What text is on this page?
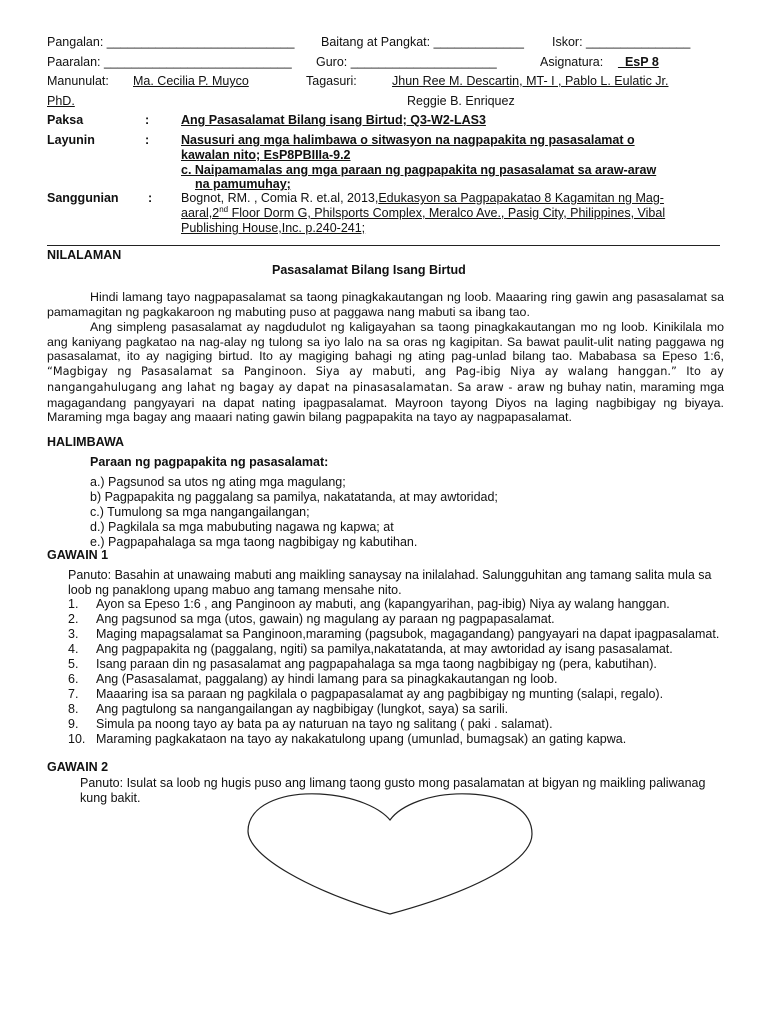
Pangalan: ___________________________ Baitang at Pangkat: _____________ Iskor: _______________
Paaralan: ___________________________ Guro: _____________________	Asignatura: _EsP 8
Manunulat: Ma. Cecilia P. Muyco	Tagasuri:	Jhun Ree M. Descartin, MT- I , Pablo L. Eulatic Jr.
PhD.	Reggie B. Enriquez
Paksa	:	Ang Pasasalamat Bilang isang Birtud; Q3-W2-LAS3
Layunin	:	Nasusuri ang mga halimbawa o sitwasyon na nagpapakita ng pasasalamat o
kawalan nito; EsP8PBIIIa-9.2
c. Naipamamalas ang mga paraan ng pagpapakita ng pasasalamat sa araw-araw
na pamumuhay;
Sanggunian : Bognot, RM. , Comia R. et.al, 2013,Edukasyon sa Pagpapakatao 8 Kagamitan ng Mag-
aaral,2nd Floor Dorm G, Philsports Complex, Meralco Ave., Pasig City, Philippines, Vibal
Publishing House,Inc. p.240-241;
NILALAMAN
Pasasalamat Bilang Isang Birtud
Hindi lamang tayo nagpapasalamat sa taong pinagkakautangan ng loob. Maaaring ring gawin ang pasasalamat sa pamamagitan ng pagkakaroon ng mabuting puso at paggawa nang mabuti sa ibang tao.
Ang simpleng pasasalamat ay nagdudulot ng kaligayahan sa taong pinagkakautangan mo ng loob. Kinikilala mo ang kaniyang pagkatao na nag-alay ng tulong sa iyo lalo na sa oras ng kagipitan. Sa bawat paulit-ulit nating paggawa ng pasasalamat, ito ay nagiging birtud. Ito ay magiging bahagi ng ating pag-unlad bilang tao. Mababasa sa Epeso 1:6, “Magbigay ng Pasasalamat sa Panginoon. Siya ay mabuti, ang Pag-ibig Niya ay walang hanggan.” Ito ay nangangahulugang ang lahat ng bagay ay dapat na pinasasalamatan. Sa araw - araw ng buhay natin, maraming mga magagandang pangyayari na dapat nating ipagpasalamat. Mayroon tayong Diyos na laging nagbibigay ng biyaya. Maraming mga bagay ang maaari nating gawin bilang pagpapakita na tayo ay nagpapasalamat.
HALIMBAWA
Paraan ng pagpapakita ng pasasalamat:
a.) Pagsunod sa utos ng ating mga magulang;
b) Pagpapakita ng paggalang sa pamilya, nakatatanda, at may awtoridad;
c.) Tumulong sa mga nangangailangan;
d.) Pagkilala sa mga mabubuting nagawa ng kapwa; at
e.) Pagpapahalaga sa mga taong nagbibigay ng kabutihan.
GAWAIN 1
Panuto: Basahin at unawaing mabuti ang maikling sanaysay na inilalahad. Salungguhitan ang tamang salita mula sa loob ng panaklong upang mabuo ang tamang mensahe nito.
1. Ayon sa Epeso 1:6 , ang Panginoon ay mabuti, ang (kapangyarihan, pag-ibig) Niya ay walang hanggan.
2. Ang pagsunod sa mga (utos, gawain) ng magulang ay paraan ng pagpapasalamat.
3. Maging mapagsalamat sa Panginoon,maraming (pagsubok, magagandang) pangyayari na dapat ipagpasalamat.
4. Ang pagpapakita ng (paggalang, ngiti) sa pamilya,nakatatanda, at may awtoridad ay isang pasasalamat.
5. Isang paraan din ng pasasalamat ang pagpapahalaga sa mga taong nagbibigay ng (pera, kabutihan).
6. Ang (Pasasalamat, paggalang) ay hindi lamang para sa pinagkakautangan ng loob.
7. Maaaring isa sa paraan ng pagkilala o pagpapasalamat ay ang pagbibigay ng munting (salapi, regalo).
8. Ang pagtulong sa nangangailangan ay nagbibigay (lungkot, saya) sa sarili.
9. Simula pa noong tayo ay bata pa ay naturuan na tayo ng salitang ( paki . salamat).
10. Maraming pagkakataon na tayo ay nakakatulong upang (umunlad, bumagsak) an gating kapwa.
GAWAIN 2
Panuto: Isulat sa loob ng hugis puso ang limang taong gusto mong pasalamatan at bigyan ng maikling paliwanag kung bakit.
